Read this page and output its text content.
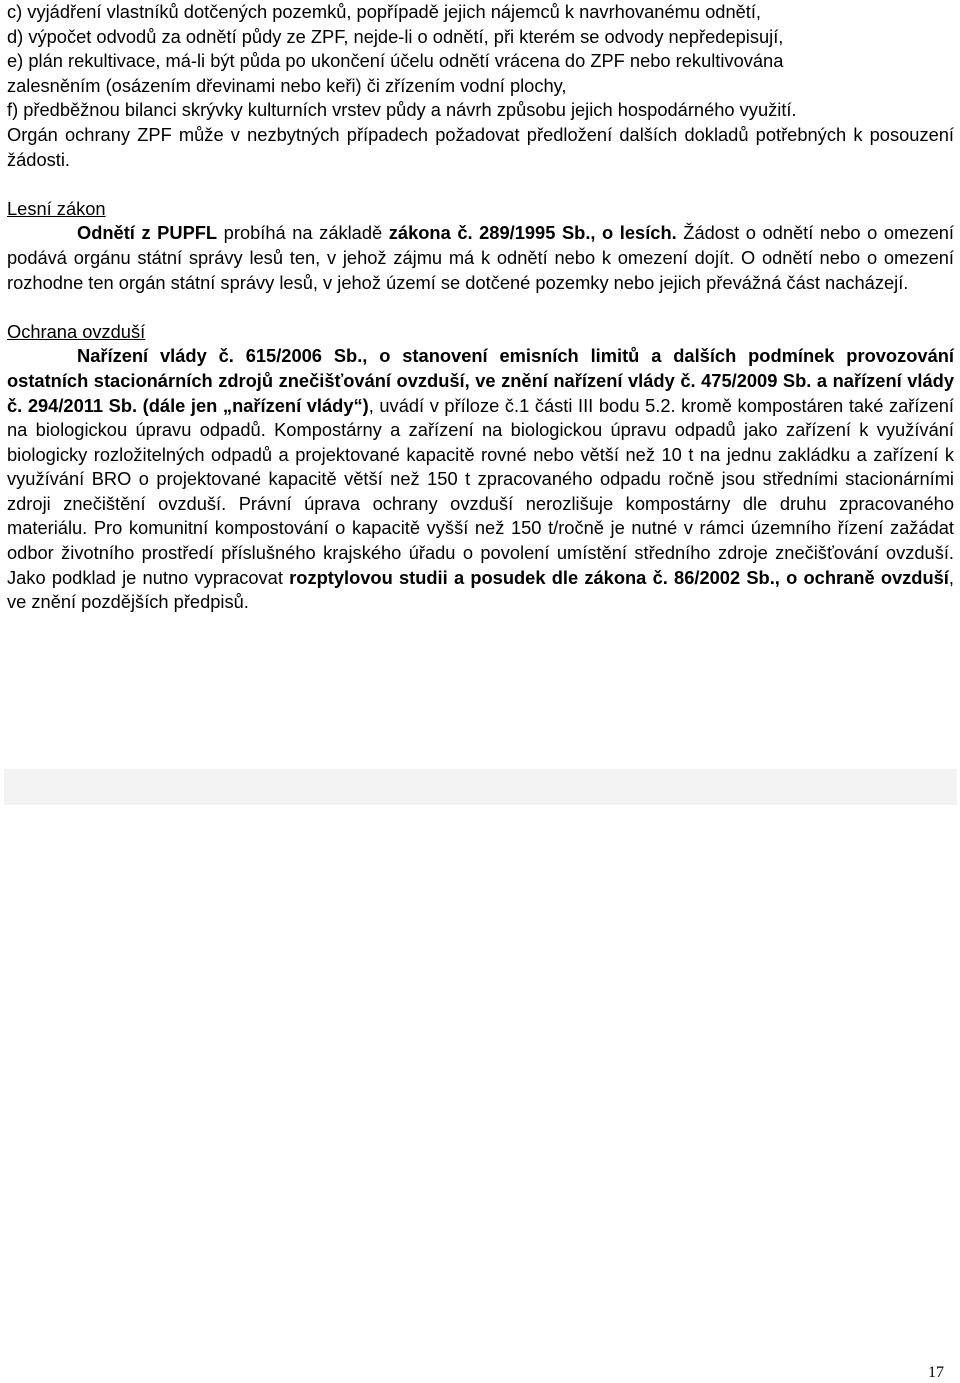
c) vyjádření vlastníků dotčených pozemků, popřípadě jejich nájemců k navrhovanému odnětí,
d) výpočet odvodů za odnětí půdy ze ZPF, nejde-li o odnětí, při kterém se odvody nepředepisují,
e) plán rekultivace, má-li být půda po ukončení účelu odnětí vrácena do ZPF nebo rekultivována
zalesněním (osázením dřevinami nebo keři) či zřízením vodní plochy,
f) předběžnou bilanci skrývky kulturních vrstev půdy a návrh způsobu jejich hospodárného využití.

Orgán ochrany ZPF může v nezbytných případech požadovat předložení dalších dokladů potřebných k posouzení žádosti.

Lesní zákon

Odnětí z PUPFL probíhá na základě zákona č. 289/1995 Sb., o lesích. Žádost o odnětí nebo o omezení podává orgánu státní správy lesů ten, v jehož zájmu má k odnětí nebo k omezení dojít. O odnětí nebo o omezení rozhodne ten orgán státní správy lesů, v jehož území se dotčené pozemky nebo jejich převážná část nacházejí.

Ochrana ovzduší

Nařízení vlády č. 615/2006 Sb., o stanovení emisních limitů a dalších podmínek provozování ostatních stacionárních zdrojů znečišťování ovzduší, ve znění nařízení vlády č. 475/2009 Sb. a nařízení vlády č. 294/2011 Sb. (dále jen „nařízení vlády“), uvádí v příloze č.1 části III bodu 5.2. kromě kompostáren také zařízení na biologickou úpravu odpadů. Kompostárny a zařízení na biologickou úpravu odpadů jako zařízení k využívání biologicky rozložitelných odpadů a projektované kapacitě rovné nebo větší než 10 t na jednu zakládku a zařízení k využívání BRO o projektované kapacitě větší než 150 t zpracovaného odpadu ročně jsou středními stacionárními zdroji znečištění ovzduší. Právní úprava ochrany ovzduší nerozlišuje kompostárny dle druhu zpracovaného materiálu. Pro komunitní kompostování o kapacitě vyšší než 150 t/ročně je nutné v rámci územního řízení zažádat odbor životního prostředí příslušného krajského úřadu o povolení umístění středního zdroje znečišťování ovzduší. Jako podklad je nutno vypracovat rozptylovou studii a posudek dle zákona č. 86/2002 Sb., o ochraně ovzduší, ve znění pozdějších předpisů.

17
